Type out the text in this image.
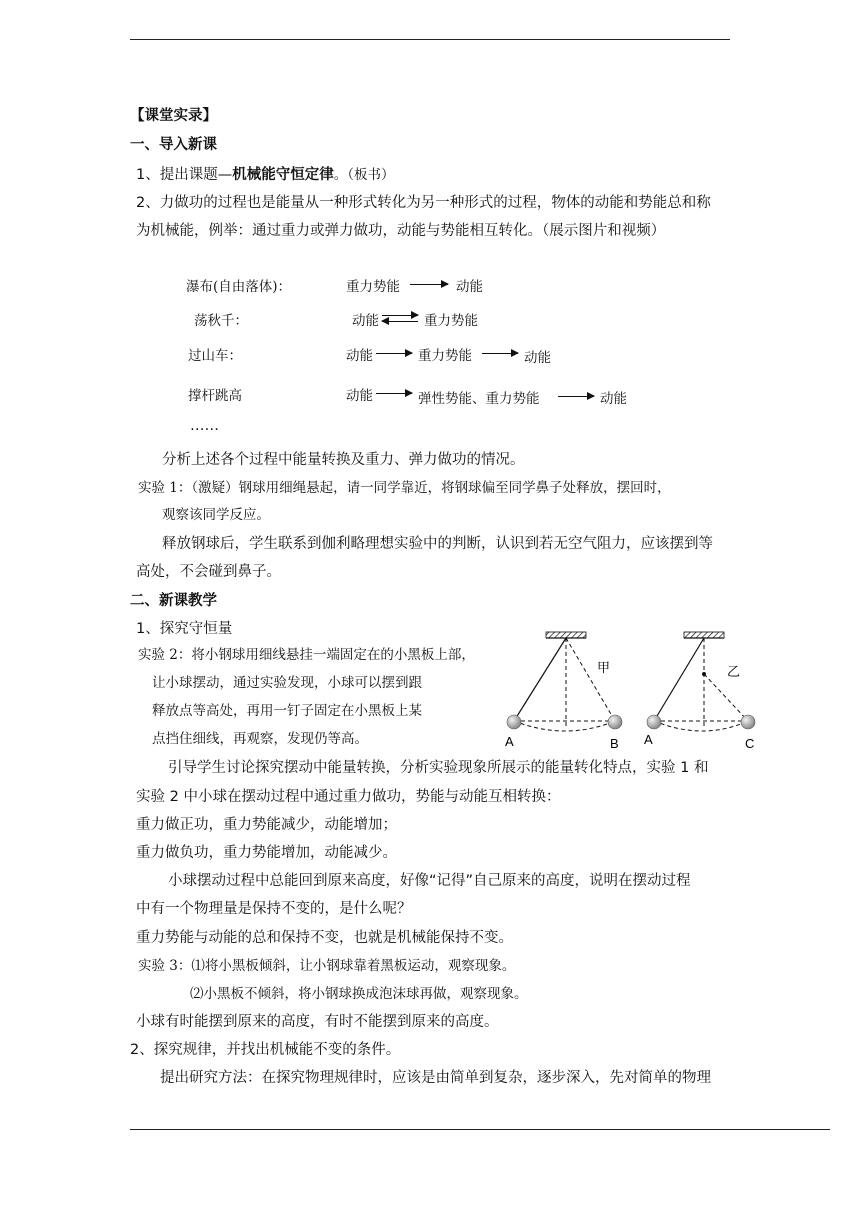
【课堂实录】
一、导入新课
1、提出课题—机械能守恒定律。（板书）
2、力做功的过程也是能量从一种形式转化为另一种形式的过程，物体的动能和势能总和称
为机械能，例举：通过重力或弹力做功，动能与势能相互转化。（展示图片和视频）
瀑布(自由落体)：	重力势能	动能
荡秋千：	动能	重力势能
过山车：	动能	重力势能	动能
撑杆跳高	动能	弹性势能、重力势能	动能
……
分析上述各个过程中能量转换及重力、弹力做功的情况。
实验 1：（激疑）钢球用细绳悬起，请一同学靠近，将钢球偏至同学鼻子处释放，摆回时，
观察该同学反应。
释放钢球后，学生联系到伽利略理想实验中的判断，认识到若无空气阻力，应该摆到等
高处，不会碰到鼻子。
二、新课教学
1、探究守恒量
实验 2：将小钢球用细线悬挂一端固定在的小黑板上部，
让小球摆动，通过实验发现，小球可以摆到跟
释放点等高处，再用一钉子固定在小黑板上某
点挡住细线，再观察，发现仍等高。
甲
A	B
乙
A	C
引导学生讨论探究摆动中能量转换，分析实验现象所展示的能量转化特点，实验 1 和
实验 2 中小球在摆动过程中通过重力做功，势能与动能互相转换：
重力做正功，重力势能减少，动能增加；
重力做负功，重力势能增加，动能减少。
小球摆动过程中总能回到原来高度，好像“记得”自己原来的高度，说明在摆动过程
中有一个物理量是保持不变的，是什么呢？
重力势能与动能的总和保持不变，也就是机械能保持不变。
实验 3：⑴将小黑板倾斜，让小钢球靠着黑板运动，观察现象。
⑵小黑板不倾斜，将小钢球换成泡沫球再做，观察现象。
小球有时能摆到原来的高度，有时不能摆到原来的高度。
2、探究规律，并找出机械能不变的条件。
提出研究方法：在探究物理规律时，应该是由简单到复杂，逐步深入，先对简单的物理
